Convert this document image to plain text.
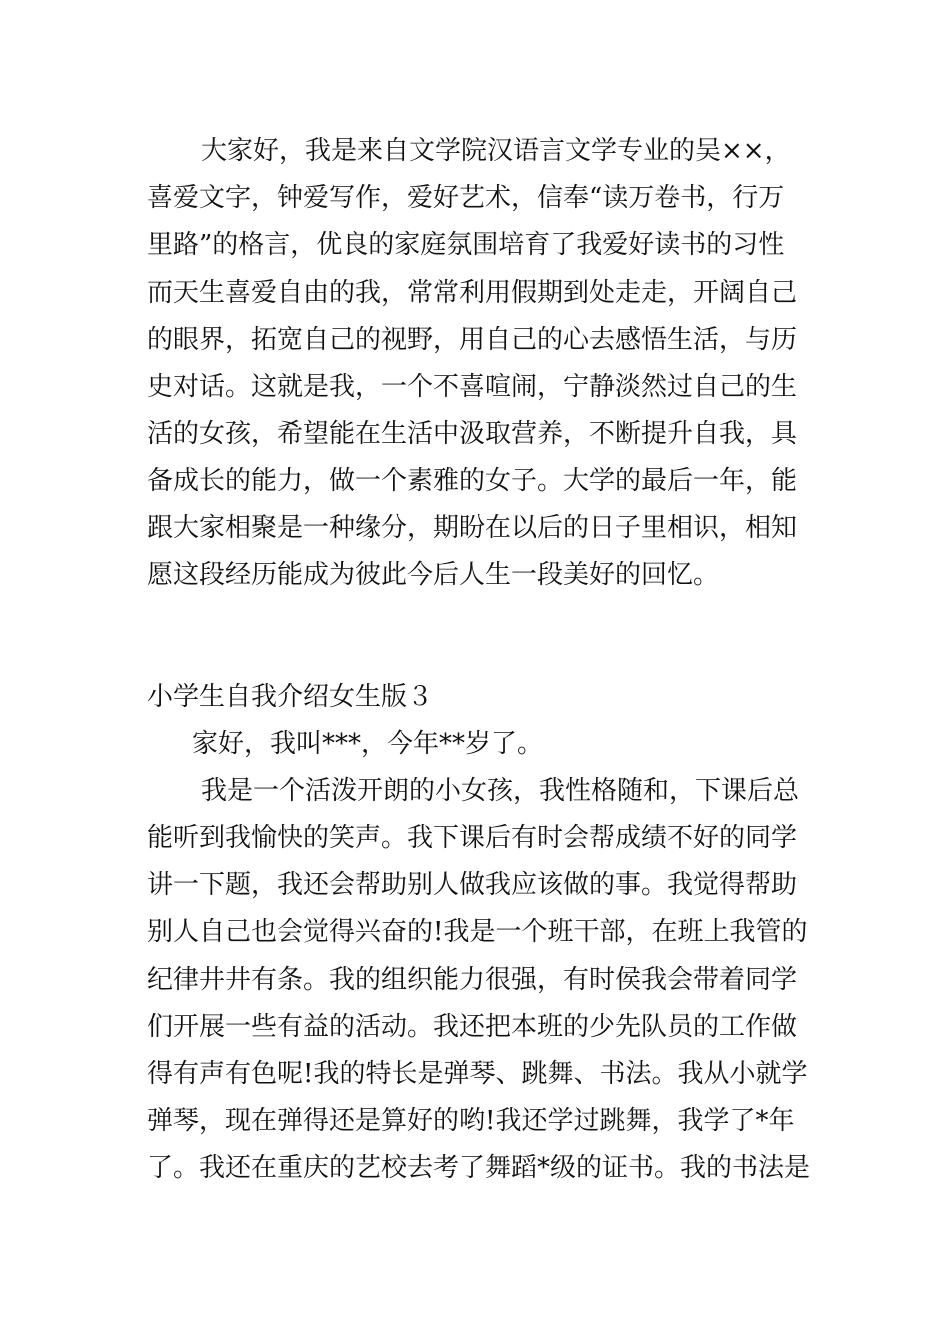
大家好，我是来自文学院汉语言文学专业的吴××，
喜爱文字，钟爱写作，爱好艺术，信奉“读万卷书，行万
里路”的格言，优良的家庭氛围培育了我爱好读书的习性
而天生喜爱自由的我，常常利用假期到处走走，开阔自己
的眼界，拓宽自己的视野，用自己的心去感悟生活，与历
史对话。这就是我，一个不喜喧闹，宁静淡然过自己的生
活的女孩，希望能在生活中汲取营养，不断提升自我，具
备成长的能力，做一个素雅的女子。大学的最后一年，能
跟大家相聚是一种缘分，期盼在以后的日子里相识，相知
愿这段经历能成为彼此今后人生一段美好的回忆。
小学生自我介绍女生版３
家好，我叫***，今年**岁了。
我是一个活泼开朗的小女孩，我性格随和，下课后总
能听到我愉快的笑声。我下课后有时会帮成绩不好的同学
讲一下题，我还会帮助别人做我应该做的事。我觉得帮助
别人自己也会觉得兴奋的!我是一个班干部，在班上我管的
纪律井井有条。我的组织能力很强，有时侯我会带着同学
们开展一些有益的活动。我还把本班的少先队员的工作做
得有声有色呢!我的特长是弹琴、跳舞、书法。我从小就学
弹琴，现在弹得还是算好的哟!我还学过跳舞，我学了*年
了。我还在重庆的艺校去考了舞蹈*级的证书。我的书法是
